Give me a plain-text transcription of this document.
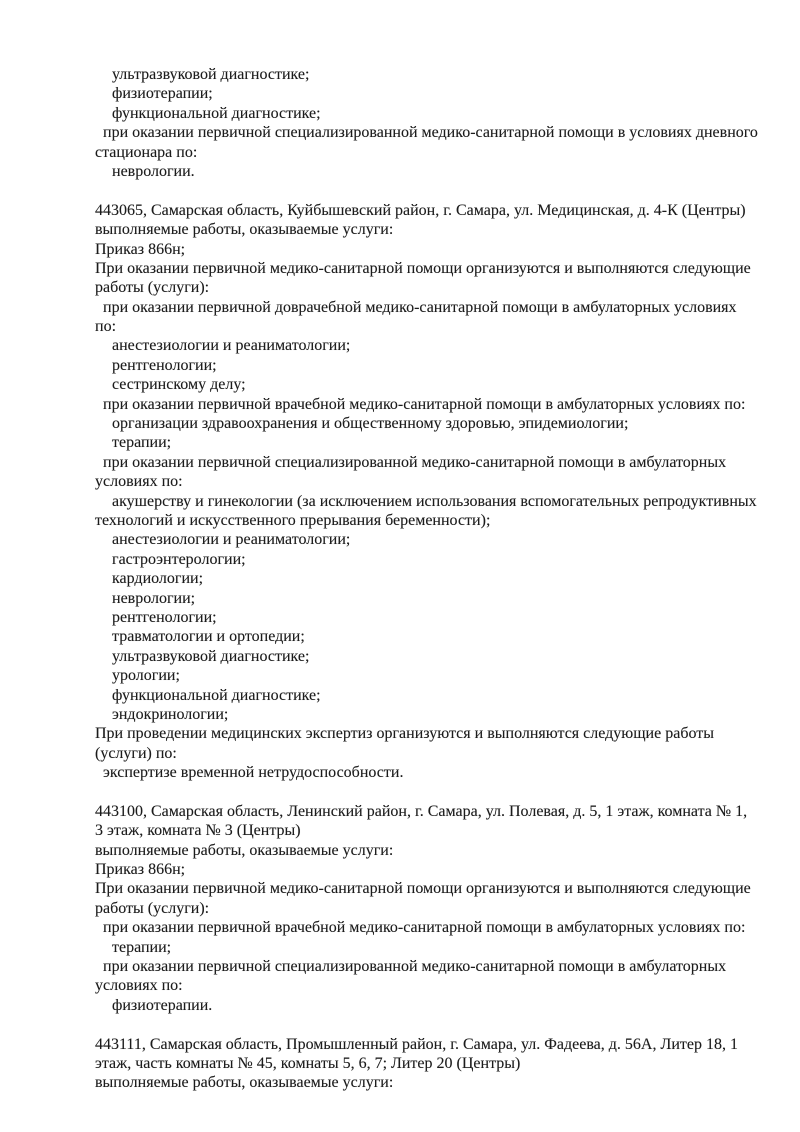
ультразвуковой диагностике;
физиотерапии;
функциональной диагностике;
при оказании первичной специализированной медико-санитарной помощи в условиях дневного
стационара по:
неврологии.
443065, Самарская область, Куйбышевский район, г. Самара, ул. Медицинская, д. 4-К (Центры)
выполняемые работы, оказываемые услуги:
Приказ 866н;
При оказании первичной медико-санитарной помощи организуются и выполняются следующие
работы (услуги):
при оказании первичной доврачебной медико-санитарной помощи в амбулаторных условиях
по:
анестезиологии и реаниматологии;
рентгенологии;
сестринскому делу;
при оказании первичной врачебной медико-санитарной помощи в амбулаторных условиях по:
организации здравоохранения и общественному здоровью, эпидемиологии;
терапии;
при оказании первичной специализированной медико-санитарной помощи в амбулаторных
условиях по:
акушерству и гинекологии (за исключением использования вспомогательных репродуктивных
технологий и искусственного прерывания беременности);
анестезиологии и реаниматологии;
гастроэнтерологии;
кардиологии;
неврологии;
рентгенологии;
травматологии и ортопедии;
ультразвуковой диагностике;
урологии;
функциональной диагностике;
эндокринологии;
При проведении медицинских экспертиз организуются и выполняются следующие работы
(услуги) по:
экспертизе временной нетрудоспособности.
443100, Самарская область, Ленинский район, г. Самара, ул. Полевая, д. 5, 1 этаж, комната № 1,
3 этаж, комната № 3 (Центры)
выполняемые работы, оказываемые услуги:
Приказ 866н;
При оказании первичной медико-санитарной помощи организуются и выполняются следующие
работы (услуги):
при оказании первичной врачебной медико-санитарной помощи в амбулаторных условиях по:
терапии;
при оказании первичной специализированной медико-санитарной помощи в амбулаторных
условиях по:
физиотерапии.
443111, Самарская область, Промышленный район, г. Самара, ул. Фадеева, д. 56А, Литер 18, 1
этаж, часть комнаты № 45, комнаты 5, 6, 7; Литер 20 (Центры)
выполняемые работы, оказываемые услуги:
